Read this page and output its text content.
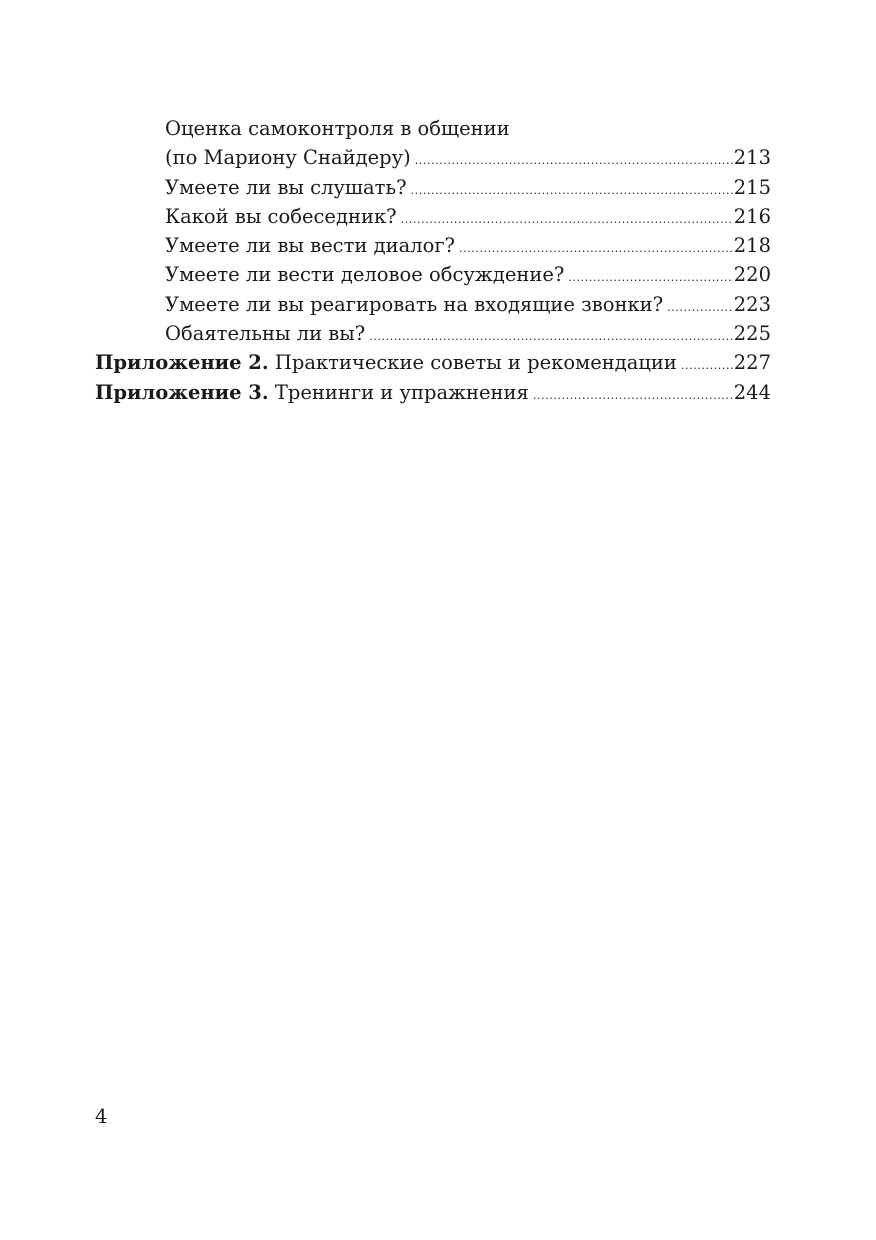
Оценка самоконтроля в общении
(по Мариону Снайдеру) .....	213
Умеете ли вы слушать? .....	215
Какой вы собеседник? .....	216
Умеете ли вы вести диалог? .....	218
Умеете ли вести деловое обсуждение? .....	220
Умеете ли вы реагировать на входящие звонки? .....	223
Обаятельны ли вы? .....	225
Приложение 2. Практические советы и рекомендации .....	227
Приложение 3. Тренинги и упражнения .....	244
4
